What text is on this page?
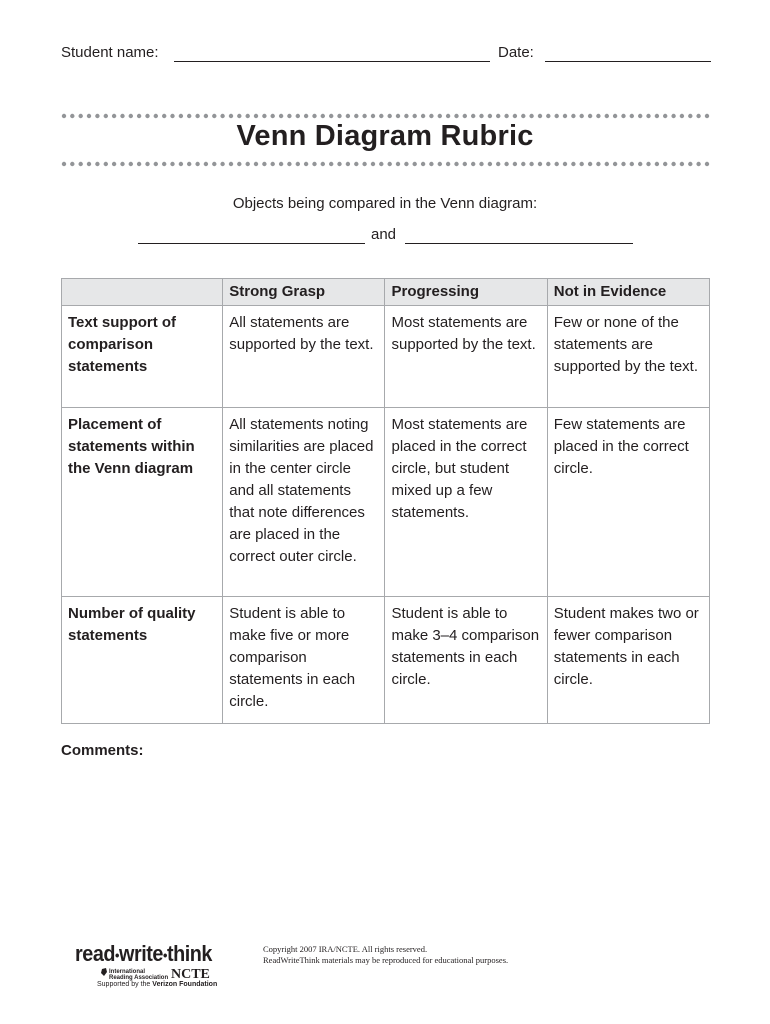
Student name:	Date:
Venn Diagram Rubric
Objects being compared in the Venn diagram:
and
	Strong Grasp	Progressing	Not in Evidence
Text support of comparison statements	All statements are supported by the text.	Most statements are supported by the text.	Few or none of the statements are supported by the text.
Placement of statements within the Venn diagram	All statements noting similarities are placed in the center circle and all statements that note differences are placed in the correct outer circle.	Most statements are placed in the correct circle, but student mixed up a few statements.	Few statements are placed in the correct circle.
Number of quality statements	Student is able to make five or more comparison statements in each circle.	Student is able to make 3–4 comparison statements in each circle.	Student makes two or fewer comparison statements in each circle.
Comments:
read•write•think
International Reading Association NCTE
Supported by the Verizon Foundation
Copyright 2007 IRA/NCTE. All rights reserved.
ReadWriteThink materials may be reproduced for educational purposes.
